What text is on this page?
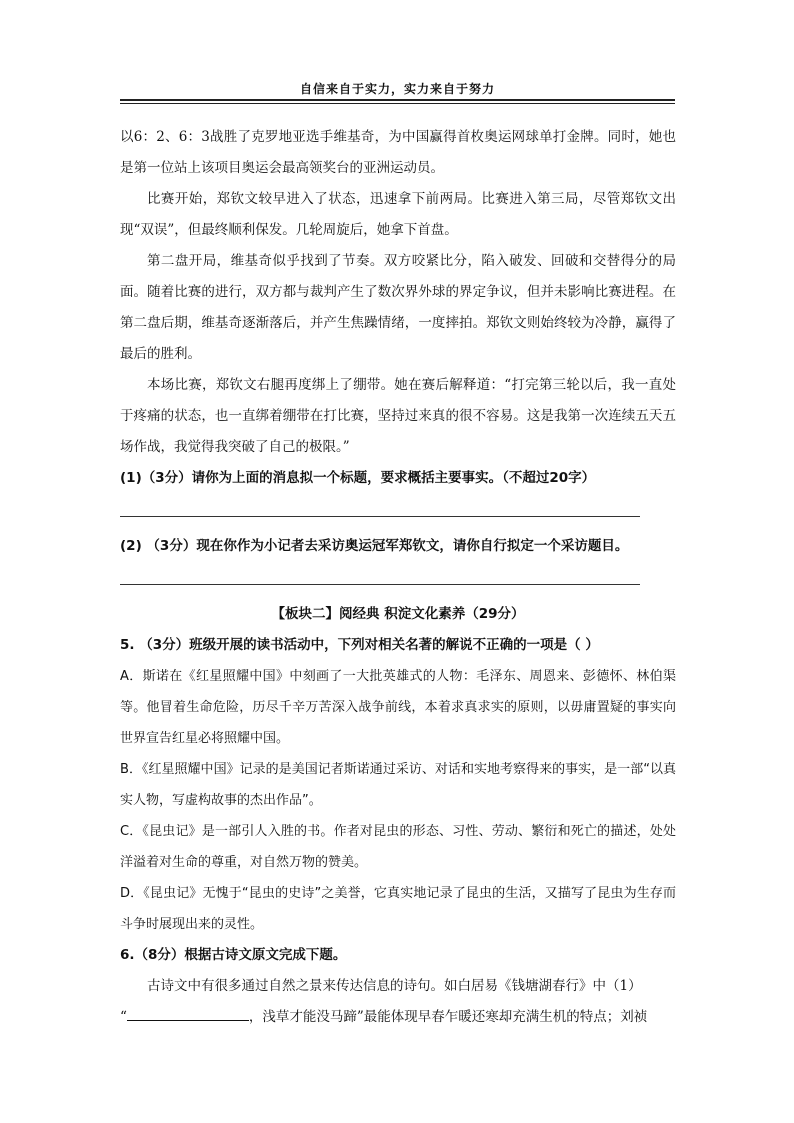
自信来自于实力，实力来自于努力

以6：2、6：3战胜了克罗地亚选手维基奇，为中国赢得首枚奥运网球单打金牌。同时，她也是第一位站上该项目奥运会最高领奖台的亚洲运动员。

比赛开始，郑钦文较早进入了状态，迅速拿下前两局。比赛进入第三局，尽管郑钦文出现“双误”，但最终顺利保发。几轮周旋后，她拿下首盘。

第二盘开局，维基奇似乎找到了节奏。双方咬紧比分，陷入破发、回破和交替得分的局面。随着比赛的进行，双方都与裁判产生了数次界外球的界定争议，但并未影响比赛进程。在第二盘后期，维基奇逐渐落后，并产生焦躁情绪，一度摔拍。郑钦文则始终较为冷静，赢得了最后的胜利。

本场比赛，郑钦文右腿再度绑上了绷带。她在赛后解释道：“打完第三轮以后，我一直处于疼痛的状态，也一直绑着绷带在打比赛，坚持过来真的很不容易。这是我第一次连续五天五场作战，我觉得我突破了自己的极限。”

(1)（3分）请你为上面的消息拟一个标题，要求概括主要事实。（不超过20字）

(2) （3分）现在你作为小记者去采访奥运冠军郑钦文，请你自行拟定一个采访题目。

【板块二】阅经典 积淀文化素养（29分）

5. （3分）班级开展的读书活动中，下列对相关名著的解说不正确的一项是（ ）

A．斯诺在《红星照耀中国》中刻画了一大批英雄式的人物：毛泽东、周恩来、彭德怀、林伯渠等。他冒着生命危险，历尽千辛万苦深入战争前线，本着求真求实的原则，以毋庸置疑的事实向世界宣告红星必将照耀中国。

B．《红星照耀中国》记录的是美国记者斯诺通过采访、对话和实地考察得来的事实，是一部“以真实人物，写虚构故事的杰出作品”。

C．《昆虫记》是一部引人入胜的书。作者对昆虫的形态、习性、劳动、繁衍和死亡的描述，处处洋溢着对生命的尊重，对自然万物的赞美。

D．《昆虫记》无愧于“昆虫的史诗”之美誉，它真实地记录了昆虫的生活，又描写了昆虫为生存而斗争时展现出来的灵性。

6.（8分）根据古诗文原文完成下题。

古诗文中有很多通过自然之景来传达信息的诗句。如白居易《钱塘湖春行》中（1）

“	，浅草才能没马蹄”最能体现早春乍暖还寒却充满生机的特点；刘祯
